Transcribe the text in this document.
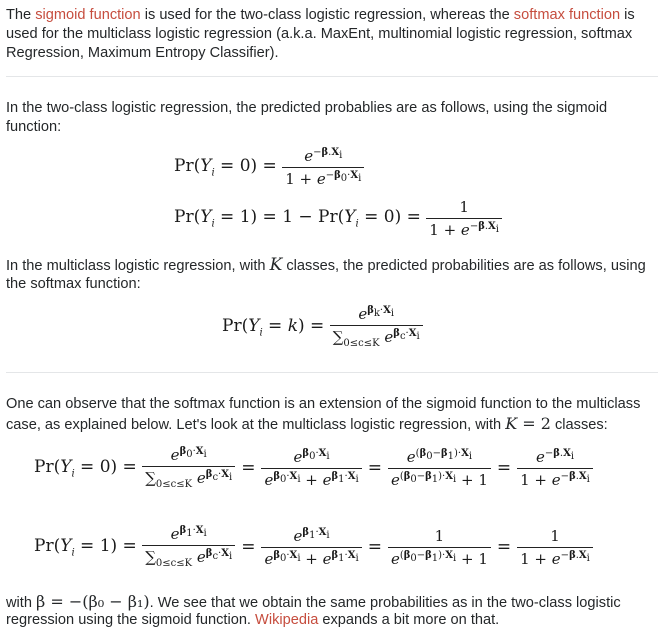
The sigmoid function is used for the two-class logistic regression, whereas the softmax function is
used for the multiclass logistic regression (a.k.a. MaxEnt, multinomial logistic regression, softmax
Regression, Maximum Entropy Classifier).
In the two-class logistic regression, the predicted probablies are as follows, using the sigmoid
function:
$Pr(Y_i = 0) = \frac{e^{-\beta.X_i}}{1 + e^{-\beta_0\cdot X_i}}$
$Pr(Y_i = 1) = 1 - Pr(Y_i = 0) = \frac{1}{1 + e^{-\beta.X_i}}$
In the multiclass logistic regression, with K classes, the predicted probabilities are as follows, using
the softmax function:
$Pr(Y_i = k) = \frac{e^{\beta_k\cdot X_i}}{\sum_{0\le c\le K} e^{\beta_c\cdot X_i}}$
One can observe that the softmax function is an extension of the sigmoid function to the multiclass
case, as explained below. Let's look at the multiclass logistic regression, with K = 2 classes:
$Pr(Y_i = 0) = \frac{e^{\beta_0\cdot X_i}}{\sum_{0\le c\le K} e^{\beta_c\cdot X_i}} = \frac{e^{\beta_0\cdot X_i}}{e^{\beta_0\cdot X_i} + e^{\beta_1\cdot X_i}} = \frac{e^{(\beta_0-\beta_1)\cdot X_i}}{e^{(\beta_0-\beta_1)\cdot X_i} + 1} = \frac{e^{-\beta.X_i}}{1 + e^{-\beta.X_i}}$
$Pr(Y_i = 1) = \frac{e^{\beta_1\cdot X_i}}{\sum_{0\le c\le K} e^{\beta_c\cdot X_i}} = \frac{e^{\beta_1\cdot X_i}}{e^{\beta_0\cdot X_i} + e^{\beta_1\cdot X_i}} = \frac{1}{e^{(\beta_0-\beta_1)\cdot X_i} + 1} = \frac{1}{1 + e^{-\beta.X_i}}$
with β = −(β₀ − β₁). We see that we obtain the same probabilities as in the two-class logistic
regression using the sigmoid function. Wikipedia expands a bit more on that.
